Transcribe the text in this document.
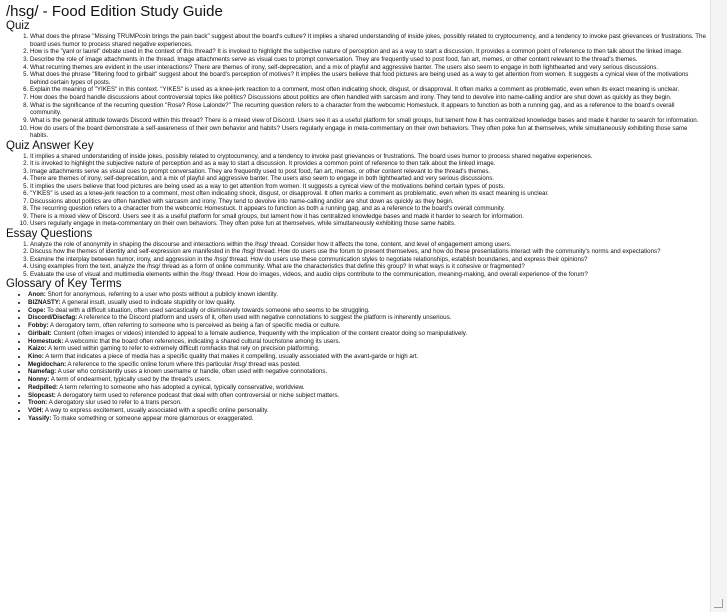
/hsg/ - Food Edition Study Guide
Quiz
1. What does the phrase "Missing TRUMPcoin brings the pain back" suggest about the board's culture? It implies a shared understanding of inside jokes, possibly related to cryptocurrency, and a tendency to invoke past grievances or frustrations. The board uses humor to process shared negative experiences.
2. How is the "yanl or laurel" debate used in the context of this thread? It is invoked to highlight the subjective nature of perception and as a way to start a discussion. It provides a common point of reference to then talk about the linked image.
3. Describe the role of image attachments in the thread. Image attachments serve as visual cues to prompt conversation. They are frequently used to post food, fan art, memes, or other content relevant to the thread's themes.
4. What recurring themes are evident in the user interactions? There are themes of irony, self-deprecation, and a mix of playful and aggressive banter. The users also seem to engage in both lighthearted and very serious discussions.
5. What does the phrase "filtering food to girlbait" suggest about the board's perception of motives? It implies the users believe that food pictures are being used as a way to get attention from women. It suggests a cynical view of the motivations behind certain types of posts.
6. Explain the meaning of "YIKES" in this context. "YIKES" is used as a knee-jerk reaction to a comment, most often indicating shock, disgust, or disapproval. It often marks a comment as problematic, even when its exact meaning is unclear.
7. How does the board handle discussions about controversial topics like politics? Discussions about politics are often handled with sarcasm and irony. They tend to devolve into name-calling and/or are shut down as quickly as they begin.
8. What is the significance of the recurring question "Rose? Rose Lalonde?" The recurring question refers to a character from the webcomic Homestuck. It appears to function as both a running gag, and as a reference to the board's overall community.
9. What is the general attitude towards Discord within this thread? There is a mixed view of Discord. Users see it as a useful platform for small groups, but lament how it has centralized knowledge bases and made it harder to search for information.
10. How do users of the board demonstrate a self-awareness of their own behavior and habits? Users regularly engage in meta-commentary on their own behaviors. They often poke fun at themselves, while simultaneously exhibiting those same habits.
Quiz Answer Key
1. It implies a shared understanding of inside jokes, possibly related to cryptocurrency, and a tendency to invoke past grievances or frustrations. The board uses humor to process shared negative experiences.
2. It is invoked to highlight the subjective nature of perception and as a way to start a discussion. It provides a common point of reference to then talk about the linked image.
3. Image attachments serve as visual cues to prompt conversation. They are frequently used to post food, fan art, memes, or other content relevant to the thread's themes.
4. There are themes of irony, self-deprecation, and a mix of playful and aggressive banter. The users also seem to engage in both lighthearted and very serious discussions.
5. It implies the users believe that food pictures are being used as a way to get attention from women. It suggests a cynical view of the motivations behind certain types of posts.
6. "YIKES" is used as a knee-jerk reaction to a comment, most often indicating shock, disgust, or disapproval. It often marks a comment as problematic, even when its exact meaning is unclear.
7. Discussions about politics are often handled with sarcasm and irony. They tend to devolve into name-calling and/or are shut down as quickly as they begin.
8. The recurring question refers to a character from the webcomic Homestuck. It appears to function as both a running gag, and as a reference to the board's overall community.
9. There is a mixed view of Discord. Users see it as a useful platform for small groups, but lament how it has centralized knowledge bases and made it harder to search for information.
10. Users regularly engage in meta-commentary on their own behaviors. They often poke fun at themselves, while simultaneously exhibiting those same habits.
Essay Questions
1. Analyze the role of anonymity in shaping the discourse and interactions within the /hsg/ thread. Consider how it affects the tone, content, and level of engagement among users.
2. Discuss how the themes of identity and self-expression are manifested in the /hsg/ thread. How do users use the forum to present themselves, and how do these presentations interact with the community's norms and expectations?
3. Examine the interplay between humor, irony, and aggression in the /hsg/ thread. How do users use these communication styles to negotiate relationships, establish boundaries, and express their opinions?
4. Using examples from the text, analyze the /hsg/ thread as a form of online community. What are the characteristics that define this group? In what ways is it cohesive or fragmented?
5. Evaluate the use of visual and multimedia elements within the /hsg/ thread. How do images, videos, and audio clips contribute to the communication, meaning-making, and overall experience of the forum?
Glossary of Key Terms
• Anon: Short for anonymous, referring to a user who posts without a publicly known identity.
• BIZNASTY: A general insult, usually used to indicate stupidity or low quality.
• Cope: To deal with a difficult situation, often used sarcastically or dismissively towards someone who seems to be struggling.
• Discord/Discfag: A reference to the Discord platform and users of it, often used with negative connotations to suggest the platform is inherently unserious.
• Fobby: A derogatory term, often referring to someone who is perceived as being a fan of specific media or culture.
• Girlbait: Content (often images or videos) intended to appeal to a female audience, frequently with the implication of the content creator doing so manipulatively.
• Homestuck: A webcomic that the board often references, indicating a shared cultural touchstone among its users.
• Kaizo: A term used within gaming to refer to extremely difficult romhacks that rely on precision platforming.
• Kino: A term that indicates a piece of media has a specific quality that makes it compelling, usually associated with the avant-garde or high art.
• Megidochan: A reference to the specific online forum where this particular /hsg/ thread was posted.
• Namefag: A user who consistently uses a known username or handle, often used with negative connotations.
• Nonny: A term of endearment, typically used by the thread's users.
• Redpilled: A term referring to someone who has adopted a cynical, typically conservative, worldview.
• Slopcast: A derogatory term used to reference podcast that deal with often controversial or niche subject matters.
• Troon: A derogatory slur used to refer to a trans person.
• VGH: A way to express excitement, usually associated with a specific online personality.
• Yassify: To make something or someone appear more glamorous or exaggerated.
